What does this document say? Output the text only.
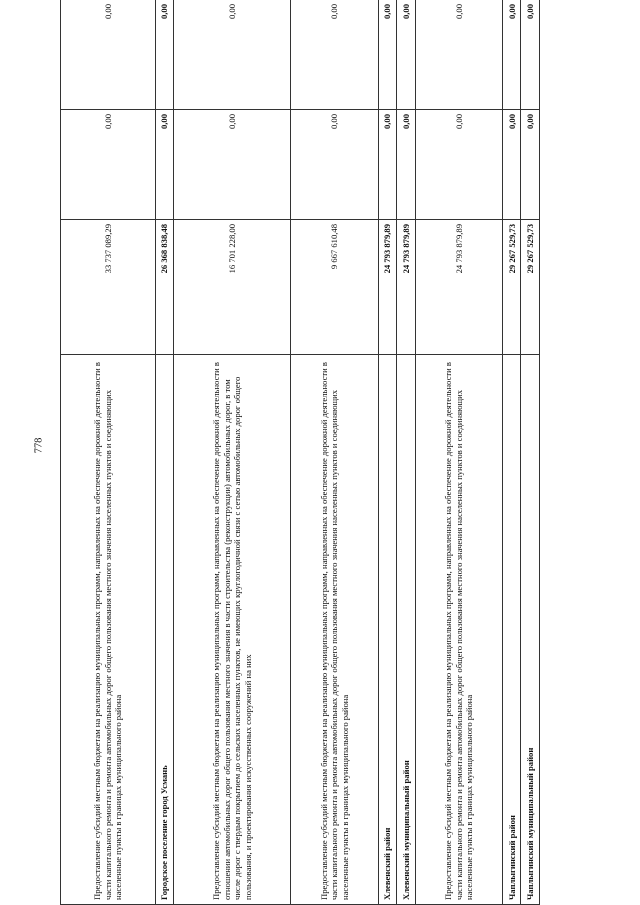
778	Предоставление субсидий местным бюджетам на реализацию муниципальных программ, направленных на обеспечение дорожной деятельности в части капитального ремонта и ремонта автомобильных дорог общего пользования местного значения населенных пунктов и соединяющих населенные пункты в границах муниципального района	33 737 089,29	0,00	0,00
Городское поселение город Усмань	26 368 838,48	0,00	0,00
Предоставление субсидий местным бюджетам на реализацию муниципальных программ, направленных на обеспечение дорожной деятельности в отношении автомобильных дорог общего пользования местного значения в части строительства (реконструкции) автомобильных дорог, в том числе дорог с твердым покрытием до сельских населенных пунктов, не имеющих круглогодичной связи с сетью автомобильных дорог общего пользования, и проектирования искусственных сооружений на них	16 701 228,00	0,00	0,00
Предоставление субсидий местным бюджетам на реализацию муниципальных программ, направленных на обеспечение дорожной деятельности в части капитального ремонта и ремонта автомобильных дорог общего пользования местного значения населенных пунктов и соединяющих населенные пункты в границах муниципального района	9 667 610,48	0,00	0,00
Хлевенский район	24 793 879,89	0,00	0,00
Хлевенский муниципальный район	24 793 879,89	0,00	0,00
Предоставление субсидий местным бюджетам на реализацию муниципальных программ, направленных на обеспечение дорожной деятельности в части капитального ремонта и ремонта автомобильных дорог общего пользования местного значения населенных пунктов и соединяющих населенные пункты в границах муниципального района	24 793 879,89	0,00	0,00
Чаплыгинский район	29 267 529,73	0,00	0,00
Чаплыгинский муниципальный район	29 267 529,73	0,00	0,00
